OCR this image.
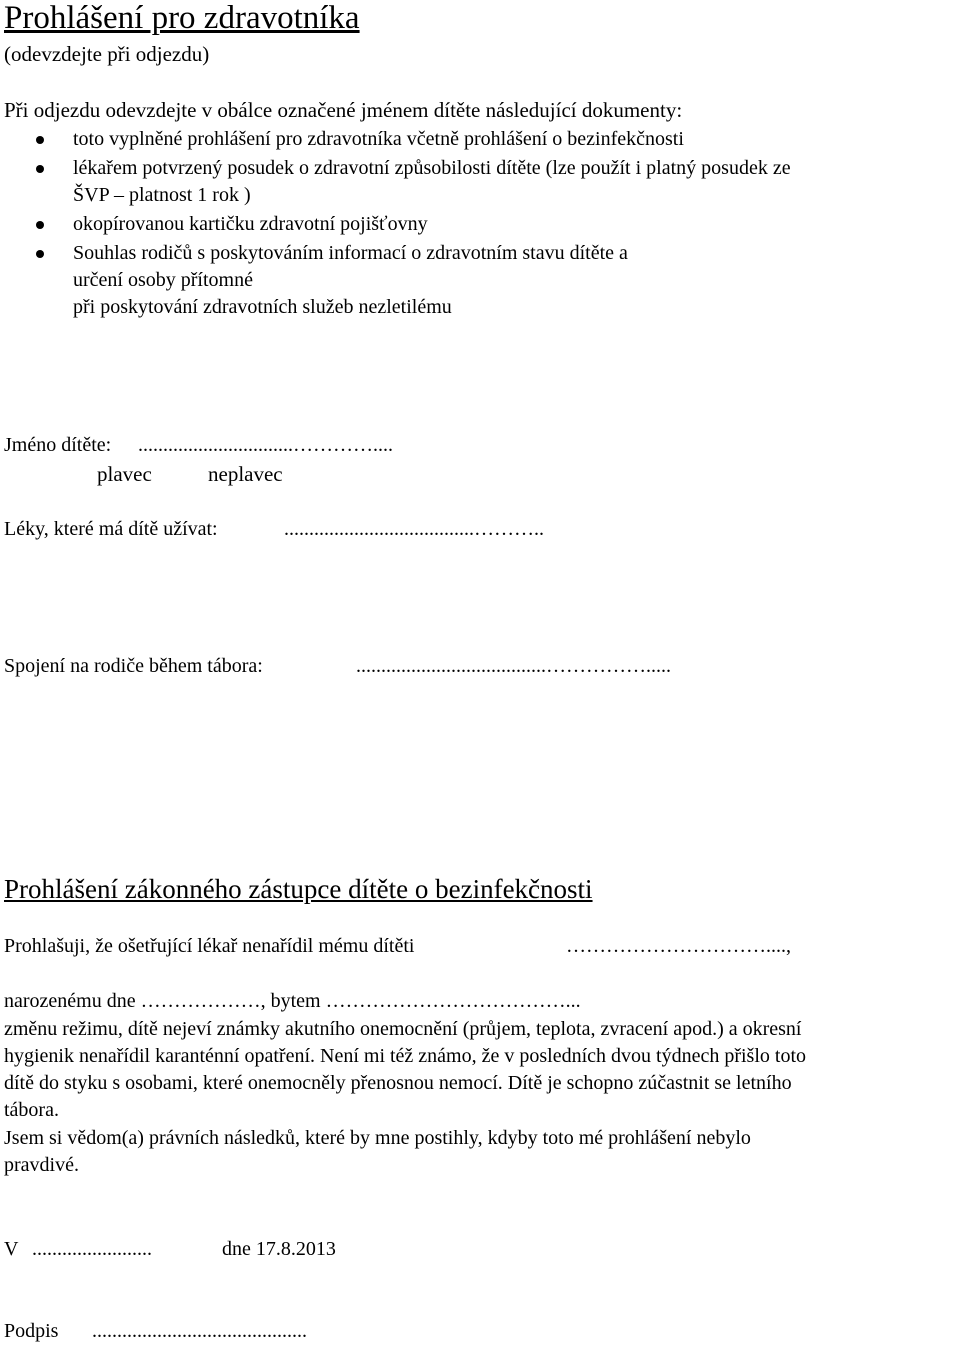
Prohlášení pro zdravotníka
(odevzdejte při odjezdu)
Při odjezdu odevzdejte v obálce označené jménem dítěte následující dokumenty:
toto vyplněné prohlášení pro zdravotníka včetně prohlášení o bezinfekčnosti
lékařem potvrzený posudek o zdravotní způsobilosti dítěte (lze použít i platný posudek ze
ŠVP – platnost 1 rok )
okopírovanou kartičku zdravotní pojišťovny
Souhlas rodičů s poskytováním informací o zdravotním stavu dítěte a
určení osoby přítomné
při poskytování zdravotních služeb nezletilému
Jméno dítěte: ...............................…………....
plavec	neplavec
Léky, které má dítě užívat:	......................................………..
Spojení na rodiče během tábora:	......................................…………….....
Prohlášení zákonného zástupce dítěte o bezinfekčnosti
Prohlašuji, že ošetřující lékař nenařídil mému dítěti	…………………………....,
narozenému dne ………………, bytem ………………………………...
změnu režimu, dítě nejeví známky akutního onemocnění (průjem, teplota, zvracení apod.) a okresní
hygienik nenařídil karanténní opatření. Není mi též známo, že v posledních dvou týdnech přišlo toto
dítě do styku s osobami, které onemocněly přenosnou nemocí. Dítě je schopno zúčastnit se letního
tábora.
Jsem si vědom(a) právních následků, které by mne postihly, kdyby toto mé prohlášení nebylo
pravdivé.
V ........................	dne 17.8.2013
Podpis ...........................................
